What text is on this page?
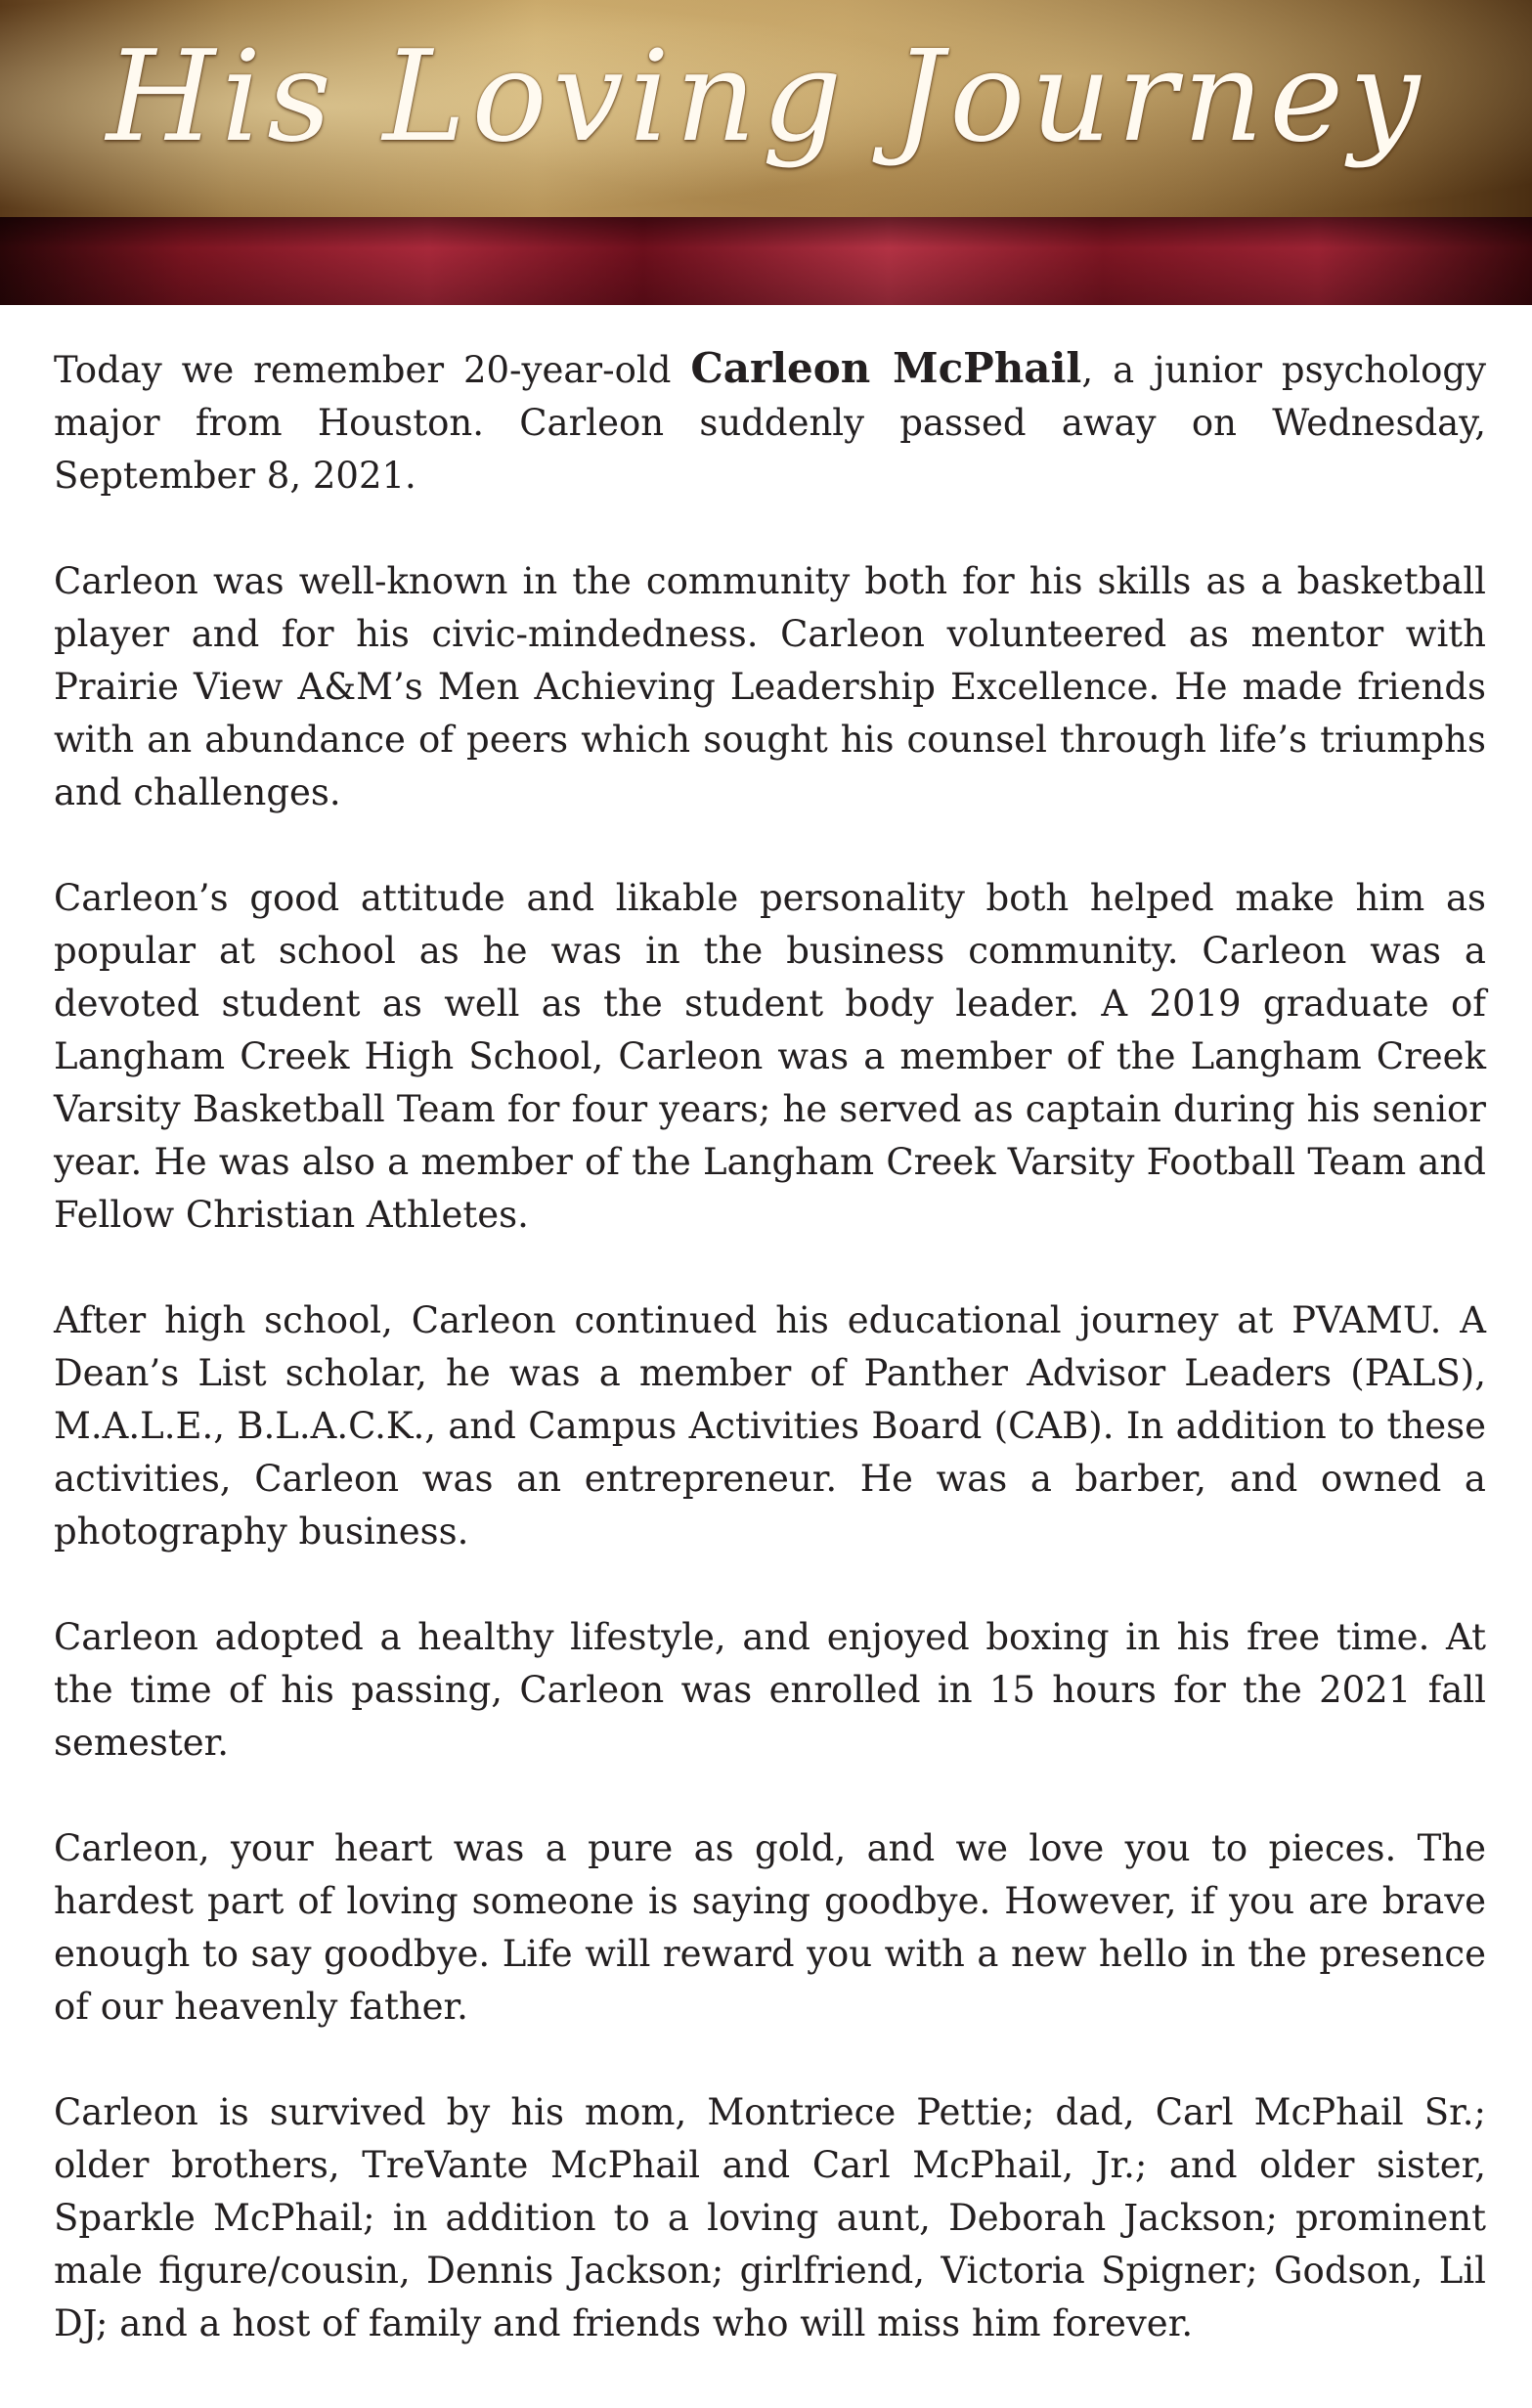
His Loving Journey

Today we remember 20-year-old Carleon McPhail, a junior psychology major from Houston. Carleon suddenly passed away on Wednesday, September 8, 2021.

Carleon was well-known in the community both for his skills as a basketball player and for his civic-mindedness. Carleon volunteered as mentor with Prairie View A&M’s Men Achieving Leadership Excellence. He made friends with an abundance of peers which sought his counsel through life’s triumphs and challenges.

Carleon’s good attitude and likable personality both helped make him as popular at school as he was in the business community. Carleon was a devoted student as well as the student body leader. A 2019 graduate of Langham Creek High School, Carleon was a member of the Langham Creek Varsity Basketball Team for four years; he served as captain during his senior year. He was also a member of the Langham Creek Varsity Football Team and Fellow Christian Athletes.

After high school, Carleon continued his educational journey at PVAMU. A Dean’s List scholar, he was a member of Panther Advisor Leaders (PALS), M.A.L.E., B.L.A.C.K., and Campus Activities Board (CAB). In addition to these activities, Carleon was an entrepreneur. He was a barber, and owned a photography business.

Carleon adopted a healthy lifestyle, and enjoyed boxing in his free time. At the time of his passing, Carleon was enrolled in 15 hours for the 2021 fall semester.

Carleon, your heart was a pure as gold, and we love you to pieces. The hardest part of loving someone is saying goodbye. However, if you are brave enough to say goodbye. Life will reward you with a new hello in the presence of our heavenly father.

Carleon is survived by his mom, Montriece Pettie; dad, Carl McPhail Sr.; older brothers, TreVante McPhail and Carl McPhail, Jr.; and older sister, Sparkle McPhail; in addition to a loving aunt, Deborah Jackson; prominent male figure/cousin, Dennis Jackson; girlfriend, Victoria Spigner; Godson, Lil DJ; and a host of family and friends who will miss him forever.
